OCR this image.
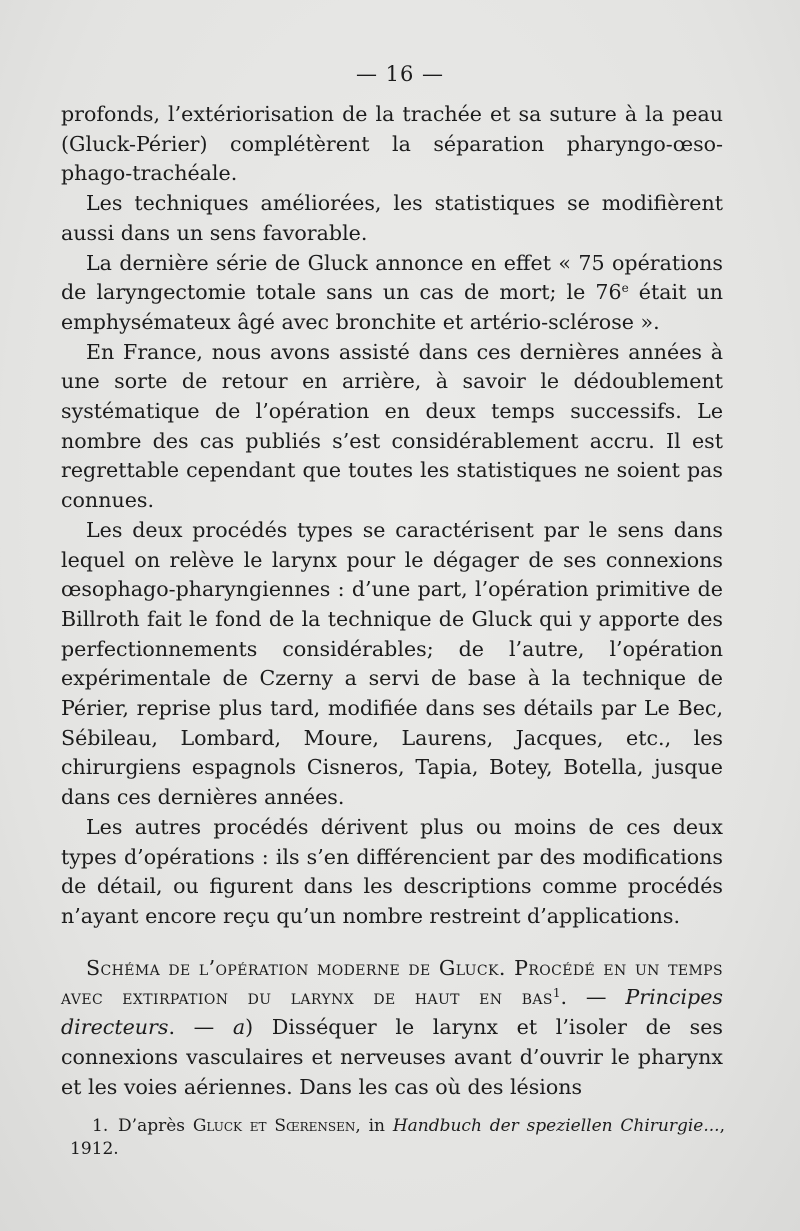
— 16 —

profonds, l’extériorisation de la trachée et sa suture à la peau (Gluck-Périer) complétèrent la séparation pharyngo-œso-phago-trachéale.

Les techniques améliorées, les statistiques se modifièrent aussi dans un sens favorable.

La dernière série de Gluck annonce en effet « 75 opérations de laryngectomie totale sans un cas de mort; le 76e était un emphysémateux âgé avec bronchite et artério-sclérose ».

En France, nous avons assisté dans ces dernières années à une sorte de retour en arrière, à savoir le dédoublement systématique de l’opération en deux temps successifs. Le nombre des cas publiés s’est considérablement accru. Il est regrettable cependant que toutes les statistiques ne soient pas connues.

Les deux procédés types se caractérisent par le sens dans lequel on relève le larynx pour le dégager de ses connexions œsophago-pharyngiennes : d’une part, l’opération primitive de Billroth fait le fond de la technique de Gluck qui y apporte des perfectionnements considérables; de l’autre, l’opération expérimentale de Czerny a servi de base à la technique de Périer, reprise plus tard, modifiée dans ses détails par Le Bec, Sébileau, Lombard, Moure, Laurens, Jacques, etc., les chirurgiens espagnols Cisneros, Tapia, Botey, Botella, jusque dans ces dernières années.

Les autres procédés dérivent plus ou moins de ces deux types d’opérations : ils s’en différencient par des modifications de détail, ou figurent dans les descriptions comme procédés n’ayant encore reçu qu’un nombre restreint d’applications.

Schéma de l’opération moderne de Gluck. Procédé en un temps avec extirpation du larynx de haut en bas$^1$. — Principes directeurs. — a) Disséquer le larynx et l’isoler de ses connexions vasculaires et nerveuses avant d’ouvrir le pharynx et les voies aériennes. Dans les cas où des lésions

1. D’après Gluck et Sœrensen, in Handbuch der speziellen Chirurgie..., 1912.
